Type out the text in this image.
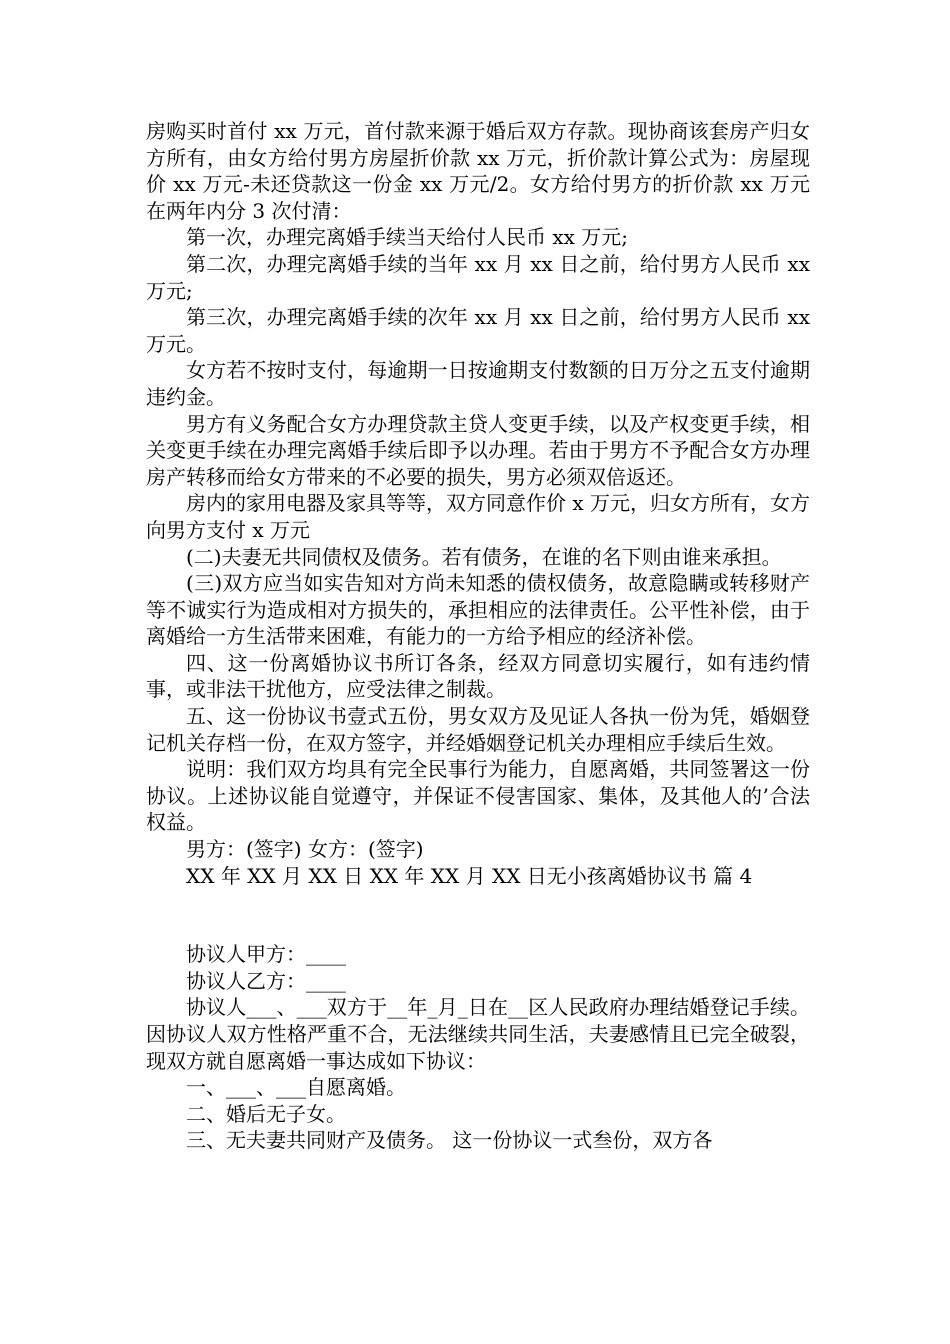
房购买时首付 xx 万元，首付款来源于婚后双方存款。现协商该套房产归女方所有，由女方给付男方房屋折价款 xx 万元，折价款计算公式为：房屋现价 xx 万元-未还贷款这一份金 xx 万元/2。女方给付男方的折价款 xx 万元在两年内分 3 次付清：

第一次，办理完离婚手续当天给付人民币 xx 万元;

第二次，办理完离婚手续的当年 xx 月 xx 日之前，给付男方人民币 xx 万元;

第三次，办理完离婚手续的次年 xx 月 xx 日之前，给付男方人民币 xx 万元。

女方若不按时支付，每逾期一日按逾期支付数额的日万分之五支付逾期违约金。

男方有义务配合女方办理贷款主贷人变更手续，以及产权变更手续，相关变更手续在办理完离婚手续后即予以办理。若由于男方不予配合女方办理房产转移而给女方带来的不必要的损失，男方必须双倍返还。

房内的家用电器及家具等等，双方同意作价 x 万元，归女方所有，女方向男方支付 x 万元

(二)夫妻无共同债权及债务。若有债务，在谁的名下则由谁来承担。

(三)双方应当如实告知对方尚未知悉的债权债务，故意隐瞒或转移财产等不诚实行为造成相对方损失的，承担相应的法律责任。公平性补偿，由于离婚给一方生活带来困难，有能力的一方给予相应的经济补偿。

四、这一份离婚协议书所订各条，经双方同意切实履行，如有违约情事，或非法干扰他方，应受法律之制裁。

五、这一份协议书壹式五份，男女双方及见证人各执一份为凭，婚姻登记机关存档一份，在双方签字，并经婚姻登记机关办理相应手续后生效。

说明：我们双方均具有完全民事行为能力，自愿离婚，共同签署这一份协议。上述协议能自觉遵守，并保证不侵害国家、集体，及其他人的’合法权益。

男方：(签字) 女方：(签字)

XX 年 XX 月 XX 日 XX 年 XX 月 XX 日无小孩离婚协议书 篇 4

协议人甲方：____

协议人乙方：____

协议人___、___双方于__年_月_日在__区人民政府办理结婚登记手续。因协议人双方性格严重不合，无法继续共同生活，夫妻感情且已完全破裂，现双方就自愿离婚一事达成如下协议：

一、___、___自愿离婚。

二、婚后无子女。

三、无夫妻共同财产及债务。 这一份协议一式叁份，双方各
